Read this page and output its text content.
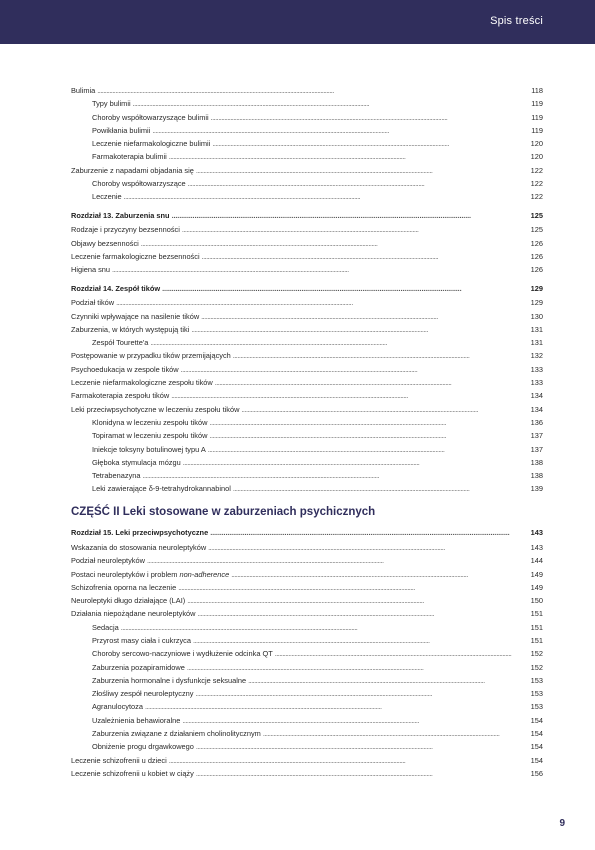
Spis treści
Bulimia . . .	118
Typy bulimii . . .	119
Choroby współtowarzyszące bulimii . . .	119
Powikłania bulimii . . .	119
Leczenie niefarmakologiczne bulimii . . .	120
Farmakoterapia bulimii . . .	120
Zaburzenie z napadami objadania się . . .	122
Choroby współtowarzyszące . . .	122
Leczenie . . .	122
Rozdział 13. Zaburzenia snu . . .	125
Rodzaje i przyczyny bezsenności . . .	125
Objawy bezsenności . . .	126
Leczenie farmakologiczne bezsenności . . .	126
Higiena snu . . .	126
Rozdział 14. Zespół tików . . .	129
Podział tików . . .	129
Czynniki wpływające na nasilenie tików . . .	130
Zaburzenia, w których występują tiki . . .	131
Zespół Tourette'a . . .	131
Postępowanie w przypadku tików przemijających . . .	132
Psychoedukacja w zespole tików . . .	133
Leczenie niefarmakologiczne zespołu tików . . .	133
Farmakoterapia zespołu tików . . .	134
Leki przeciwpsychotyczne w leczeniu zespołu tików . . .	134
Klonidyna w leczeniu zespołu tików . . .	136
Topiramat w leczeniu zespołu tików . . .	137
Iniekcje toksyny botulinowej typu A . . .	137
Głęboka stymulacja mózgu . . .	138
Tetrabenazyna . . .	138
Leki zawierające δ-9-tetrahydrokannabinol . . .	139
CZĘŚĆ II Leki stosowane w zaburzeniach psychicznych
Rozdział 15. Leki przeciwpsychotyczne . . .	143
Wskazania do stosowania neuroleptyków . . .	143
Podział neuroleptyków . . .	144
Postaci neuroleptyków i problem non-adherence . . .	149
Schizofrenia oporna na leczenie . . .	149
Neuroleptyki długo działające (LAI) . . .	150
Działania niepożądane neuroleptyków . . .	151
Sedacja . . .	151
Przyrost masy ciała i cukrzyca . . .	151
Choroby sercowo-naczyniowe i wydłużenie odcinka QT . . .	152
Zaburzenia pozapiramidowe . . .	152
Zaburzenia hormonalne i dysfunkcje seksualne . . .	153
Złośliwy zespół neuroleptyczny . . .	153
Agranulocytoza . . .	153
Uzależnienia behawioralne . . .	154
Zaburzenia związane z działaniem cholinolitycznym . . .	154
Obniżenie progu drgawkowego . . .	154
Leczenie schizofrenii u dzieci . . .	154
Leczenie schizofrenii u kobiet w ciąży . . .	156
9
